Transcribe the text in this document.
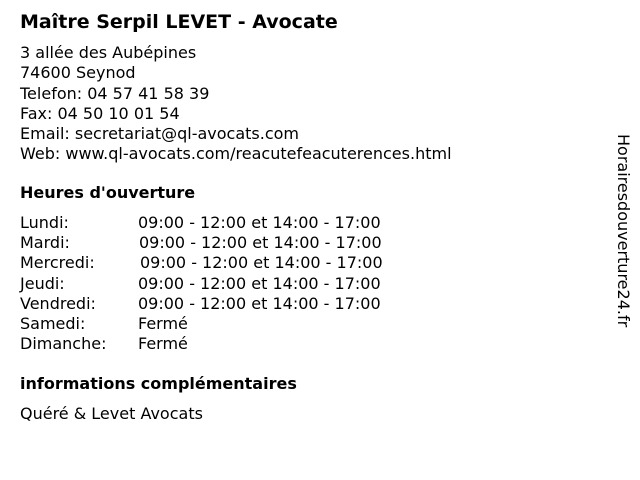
Maître Serpil LEVET - Avocate
3 allée des Aubépines
74600 Seynod
Telefon: 04 57 41 58 39
Fax: 04 50 10 01 54
Email: secretariat@ql-avocats.com
Web: www.ql-avocats.com/reacutefeacuterences.html
Heures d'ouverture
Lundi:	09:00 - 12:00 et 14:00 - 17:00
Mardi:	09:00 - 12:00 et 14:00 - 17:00
Mercredi:	09:00 - 12:00 et 14:00 - 17:00
Jeudi:	09:00 - 12:00 et 14:00 - 17:00
Vendredi:	09:00 - 12:00 et 14:00 - 17:00
Samedi:	Fermé
Dimanche: Fermé
informations complémentaires
Quéré & Levet Avocats
Horairesdouverture24.fr
